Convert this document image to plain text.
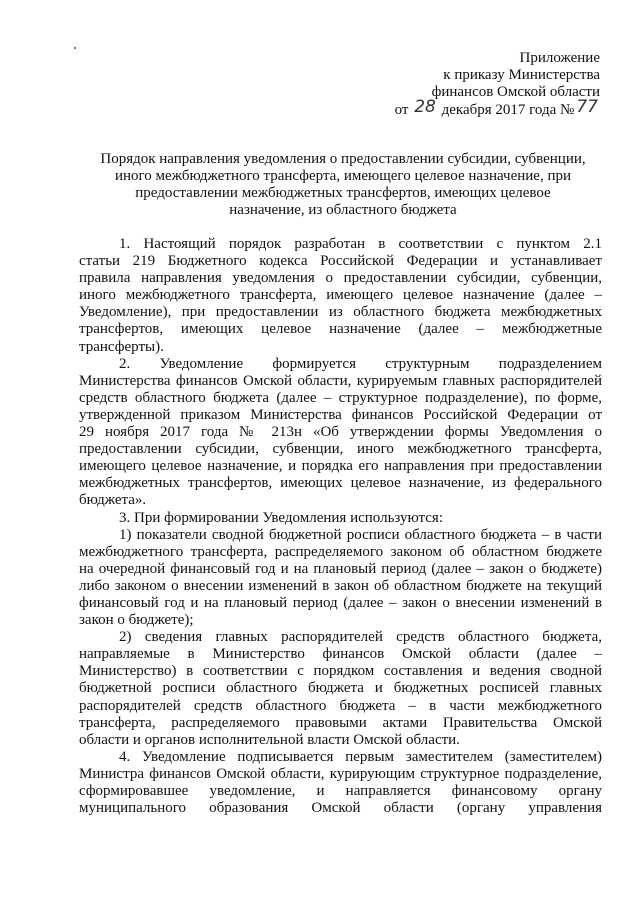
Приложение
к приказу Министерства
финансов Омской области
от 28 декабря 2017 года № 77
Порядок направления уведомления о предоставлении субсидии, субвенции,
иного межбюджетного трансферта, имеющего целевое назначение, при
предоставлении межбюджетных трансфертов, имеющих целевое
назначение, из областного бюджета
1. Настоящий порядок разработан в соответствии с пунктом 2.1
статьи 219 Бюджетного кодекса Российской Федерации и устанавливает
правила направления уведомления о предоставлении субсидии, субвенции,
иного межбюджетного трансферта, имеющего целевое назначение (далее –
Уведомление), при предоставлении из областного бюджета межбюджетных
трансфертов, имеющих целевое назначение (далее – межбюджетные
трансферты).
2. Уведомление формируется структурным подразделением
Министерства финансов Омской области, курируемым главных распорядителей
средств областного бюджета (далее – структурное подразделение), по форме,
утвержденной приказом Министерства финансов Российской Федерации от
29 ноября 2017 года № 213н «Об утверждении формы Уведомления о
предоставлении субсидии, субвенции, иного межбюджетного трансферта,
имеющего целевое назначение, и порядка его направления при предоставлении
межбюджетных трансфертов, имеющих целевое назначение, из федерального
бюджета».
3. При формировании Уведомления используются:
1) показатели сводной бюджетной росписи областного бюджета – в части
межбюджетного трансферта, распределяемого законом об областном бюджете
на очередной финансовый год и на плановый период (далее – закон о бюджете)
либо законом о внесении изменений в закон об областном бюджете на текущий
финансовый год и на плановый период (далее – закон о внесении изменений в
закон о бюджете);
2) сведения главных распорядителей средств областного бюджета,
направляемые в Министерство финансов Омской области (далее –
Министерство) в соответствии с порядком составления и ведения сводной
бюджетной росписи областного бюджета и бюджетных росписей главных
распорядителей средств областного бюджета – в части межбюджетного
трансферта, распределяемого правовыми актами Правительства Омской
области и органов исполнительной власти Омской области.
4. Уведомление подписывается первым заместителем (заместителем)
Министра финансов Омской области, курирующим структурное подразделение,
сформировавшее уведомление, и направляется финансовому органу
муниципального образования Омской области (органу управления
